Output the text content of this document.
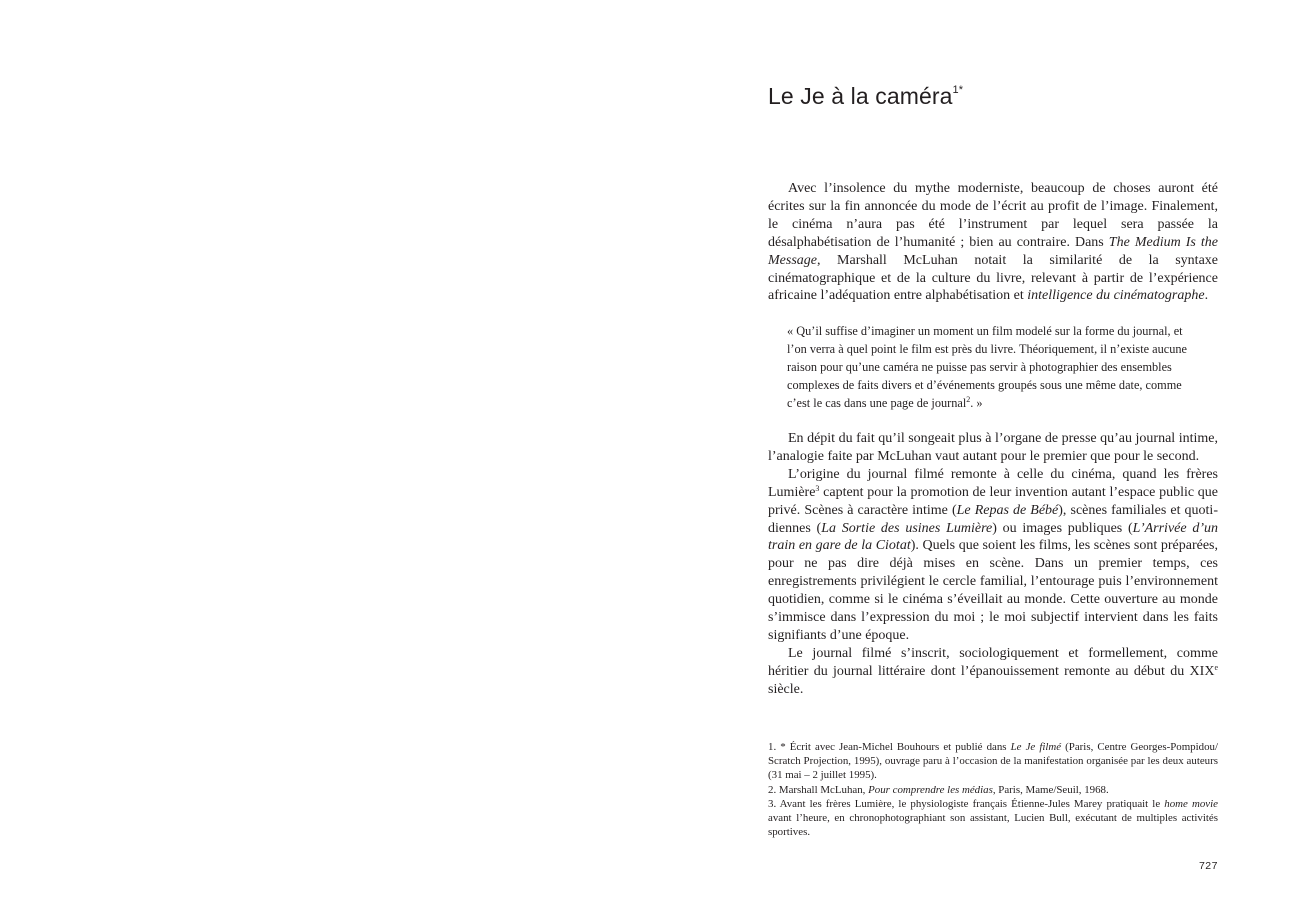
Le Je à la caméra$^{1*}$

Avec l’insolence du mythe moderniste, beaucoup de choses auront été écrites sur la fin annoncée du mode de l’écrit au profit de l’image. Finalement, le cinéma n’aura pas été l’instrument par lequel sera passée la désalphabétisation de l’humanité ; bien au contraire. Dans The Medium Is the Message, Marshall McLuhan notait la similarité de la syntaxe cinématographique et de la culture du livre, relevant à partir de l’expérience africaine l’adéquation entre alphabétisation et intelligence du cinématographe.

« Qu’il suffise d’imaginer un moment un film modelé sur la forme du journal, et l’on verra à quel point le film est près du livre. Théoriquement, il n’existe aucune raison pour qu’une caméra ne puisse pas servir à photographier des ensembles complexes de faits divers et d’événements groupés sous une même date, comme c’est le cas dans une page de journal$^2$. »

En dépit du fait qu’il songeait plus à l’organe de presse qu’au journal intime, l’analogie faite par McLuhan vaut autant pour le premier que pour le second.

L’origine du journal filmé remonte à celle du cinéma, quand les frères Lumière$^3$ captent pour la promotion de leur invention autant l’espace public que privé. Scènes à caractère intime (Le Repas de Bébé), scènes familiales et quotidiennes (La Sortie des usines Lumière) ou images publiques (L’Arrivée d’un train en gare de la Ciotat). Quels que soient les films, les scènes sont préparées, pour ne pas dire déjà mises en scène. Dans un premier temps, ces enregistrements privilégient le cercle familial, l’entourage puis l’environnement quotidien, comme si le cinéma s’éveillait au monde. Cette ouverture au monde s’immisce dans l’expression du moi ; le moi subjectif intervient dans les faits signifiants d’une époque.

Le journal filmé s’inscrit, sociologiquement et formellement, comme héritier du journal littéraire dont l’épanouissement remonte au début du XIXe siècle.

1. * Écrit avec Jean-Michel Bouhours et publié dans Le Je filmé (Paris, Centre Georges-Pompidou/ Scratch Projection, 1995), ouvrage paru à l’occasion de la manifestation organisée par les deux auteurs (31 mai – 2 juillet 1995).

2. Marshall McLuhan, Pour comprendre les médias, Paris, Mame/Seuil, 1968.

3. Avant les frères Lumière, le physiologiste français Étienne-Jules Marey pratiquait le home movie avant l’heure, en chronophotographiant son assistant, Lucien Bull, exécutant de multiples activités sportives.

727
